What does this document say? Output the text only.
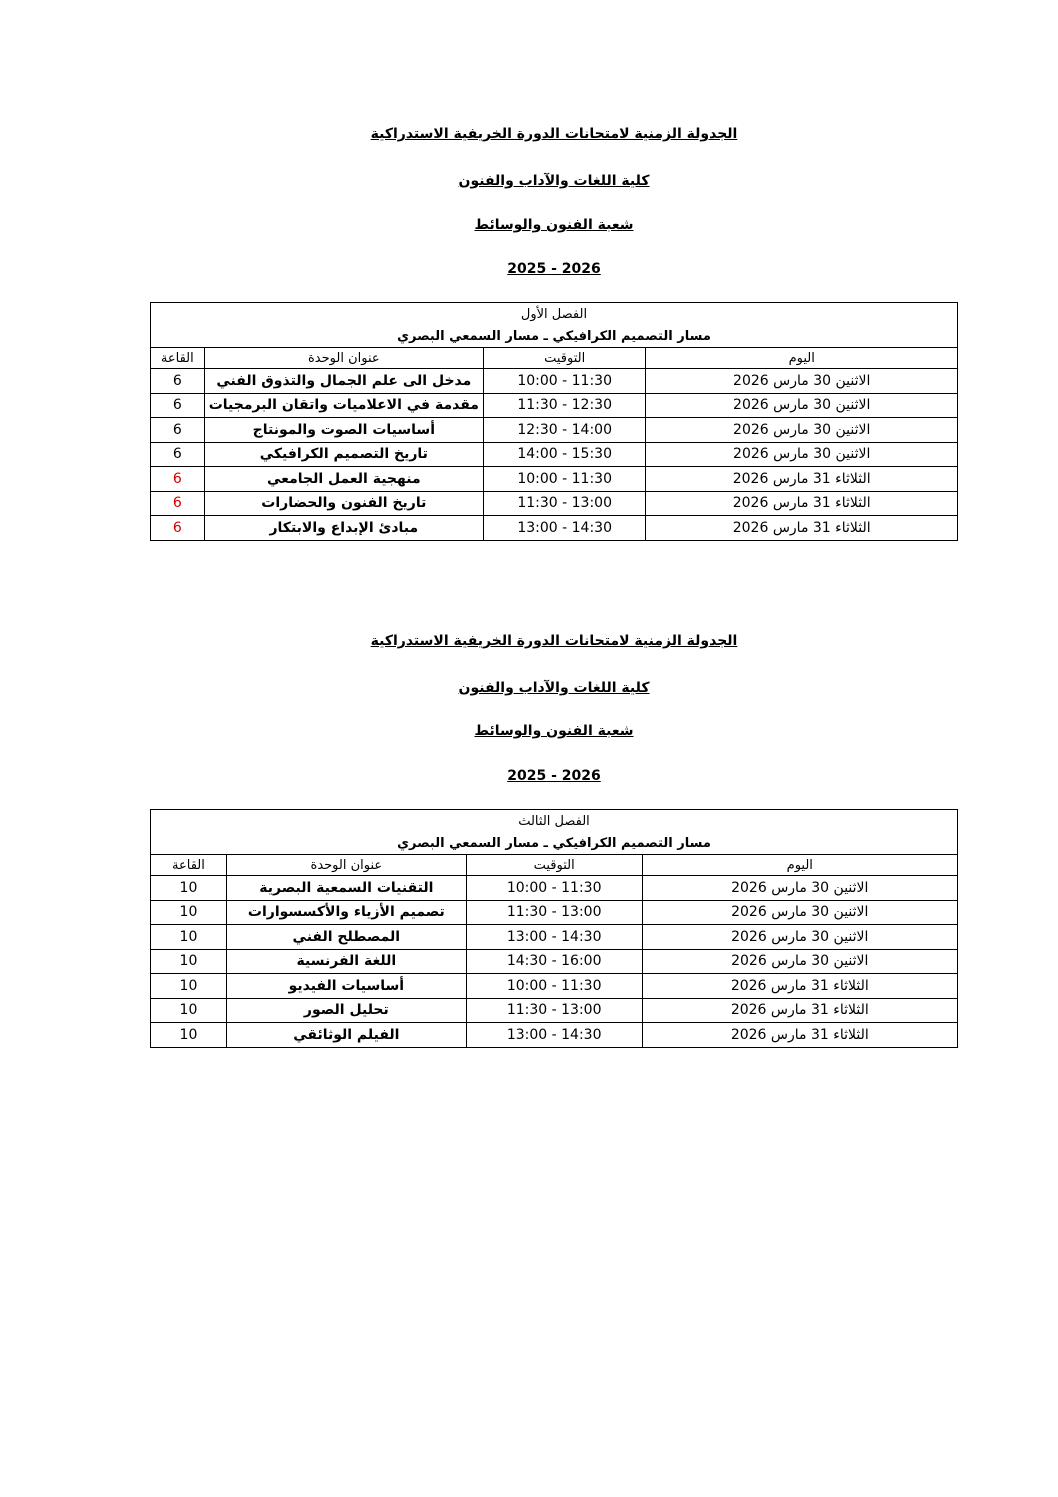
الجدولة الزمنية لامتحانات الدورة الخريفية الاستدراكية
كلية اللغات والآداب والفنون
شعبة الفنون والوسائط
2026 - 2025
الفصل الأول			
مسار التصميم الكرافيكي ـ مسار السمعي البصري			
اليوم	التوقيت	عنوان الوحدة	القاعة
الاثنين 30 مارس 2026	10:00 - 11:30	مدخل الى علم الجمال والتذوق الفني	6
الاثنين 30 مارس 2026	11:30 - 12:30	مقدمة في الاعلاميات واتقان البرمجيات	6
الاثنين 30 مارس 2026	12:30 - 14:00	أساسيات الصوت والمونتاج	6
الاثنين 30 مارس 2026	14:00 - 15:30	تاريخ التصميم الكرافيكي	6
الثلاثاء 31 مارس 2026	10:00 - 11:30	منهجية العمل الجامعي	6
الثلاثاء 31 مارس 2026	11:30 - 13:00	تاريخ الفنون والحضارات	6
الثلاثاء 31 مارس 2026	13:00 - 14:30	مبادئ الإبداع والابتكار	6
الجدولة الزمنية لامتحانات الدورة الخريفية الاستدراكية
كلية اللغات والآداب والفنون
شعبة الفنون والوسائط
2026 - 2025
الفصل الثالث			
مسار التصميم الكرافيكي ـ مسار السمعي البصري			
اليوم	التوقيت	عنوان الوحدة	القاعة
الاثنين 30 مارس 2026	10:00 - 11:30	التقنيات السمعية البصرية	10
الاثنين 30 مارس 2026	11:30 - 13:00	تصميم الأزياء والأكسسوارات	10
الاثنين 30 مارس 2026	13:00 - 14:30	المصطلح الفني	10
الاثنين 30 مارس 2026	14:30 - 16:00	اللغة الفرنسية	10
الثلاثاء 31 مارس 2026	10:00 - 11:30	أساسيات الفيديو	10
الثلاثاء 31 مارس 2026	11:30 - 13:00	تحليل الصور	10
الثلاثاء 31 مارس 2026	13:00 - 14:30	الفيلم الوثائقي	10
